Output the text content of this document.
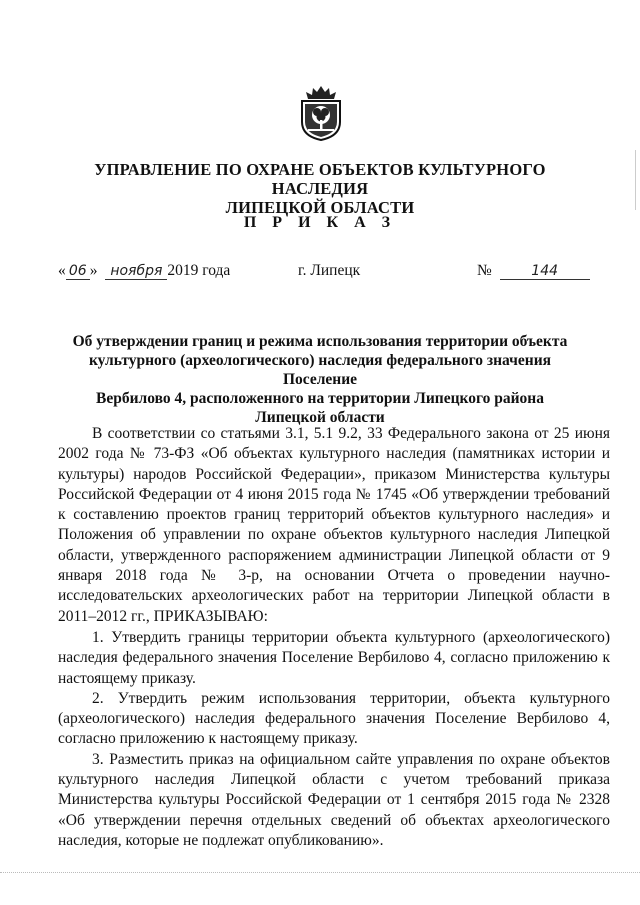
УПРАВЛЕНИЕ ПО ОХРАНЕ ОБЪЕКТОВ КУЛЬТУРНОГО НАСЛЕДИЯ
ЛИПЕЦКОЙ ОБЛАСТИ
П Р И К А З
« 06 » ноября 2019 года	г. Липецк	№	144
Об утверждении границ и режима использования территории объекта
культурного (археологического) наследия федерального значения Поселение
Вербилово 4, расположенного на территории Липецкого района
Липецкой области

В соответствии со статьями 3.1, 5.1 9.2, 33 Федерального закона от 25 июня 2002 года № 73-ФЗ «Об объектах культурного наследия (памятниках истории и культуры) народов Российской Федерации», приказом Министерства культуры Российской Федерации от 4 июня 2015 года № 1745 «Об утверждении требований к составлению проектов границ территорий объектов культурного наследия» и Положения об управлении по охране объектов культурного наследия Липецкой области, утвержденного распоряжением администрации Липецкой области от 9 января 2018 года № 3-р, на основании Отчета о проведении научно-исследовательских археологических работ на территории Липецкой области в 2011–2012 гг., ПРИКАЗЫВАЮ:

1. Утвердить границы территории объекта культурного (археологического) наследия федерального значения Поселение Вербилово 4, согласно приложению к настоящему приказу.

2. Утвердить режим использования территории, объекта культурного (археологического) наследия федерального значения Поселение Вербилово 4, согласно приложению к настоящему приказу.

3. Разместить приказ на официальном сайте управления по охране объектов культурного наследия Липецкой области с учетом требований приказа Министерства культуры Российской Федерации от 1 сентября 2015 года № 2328 «Об утверждении перечня отдельных сведений об объектах археологического наследия, которые не подлежат опубликованию».
